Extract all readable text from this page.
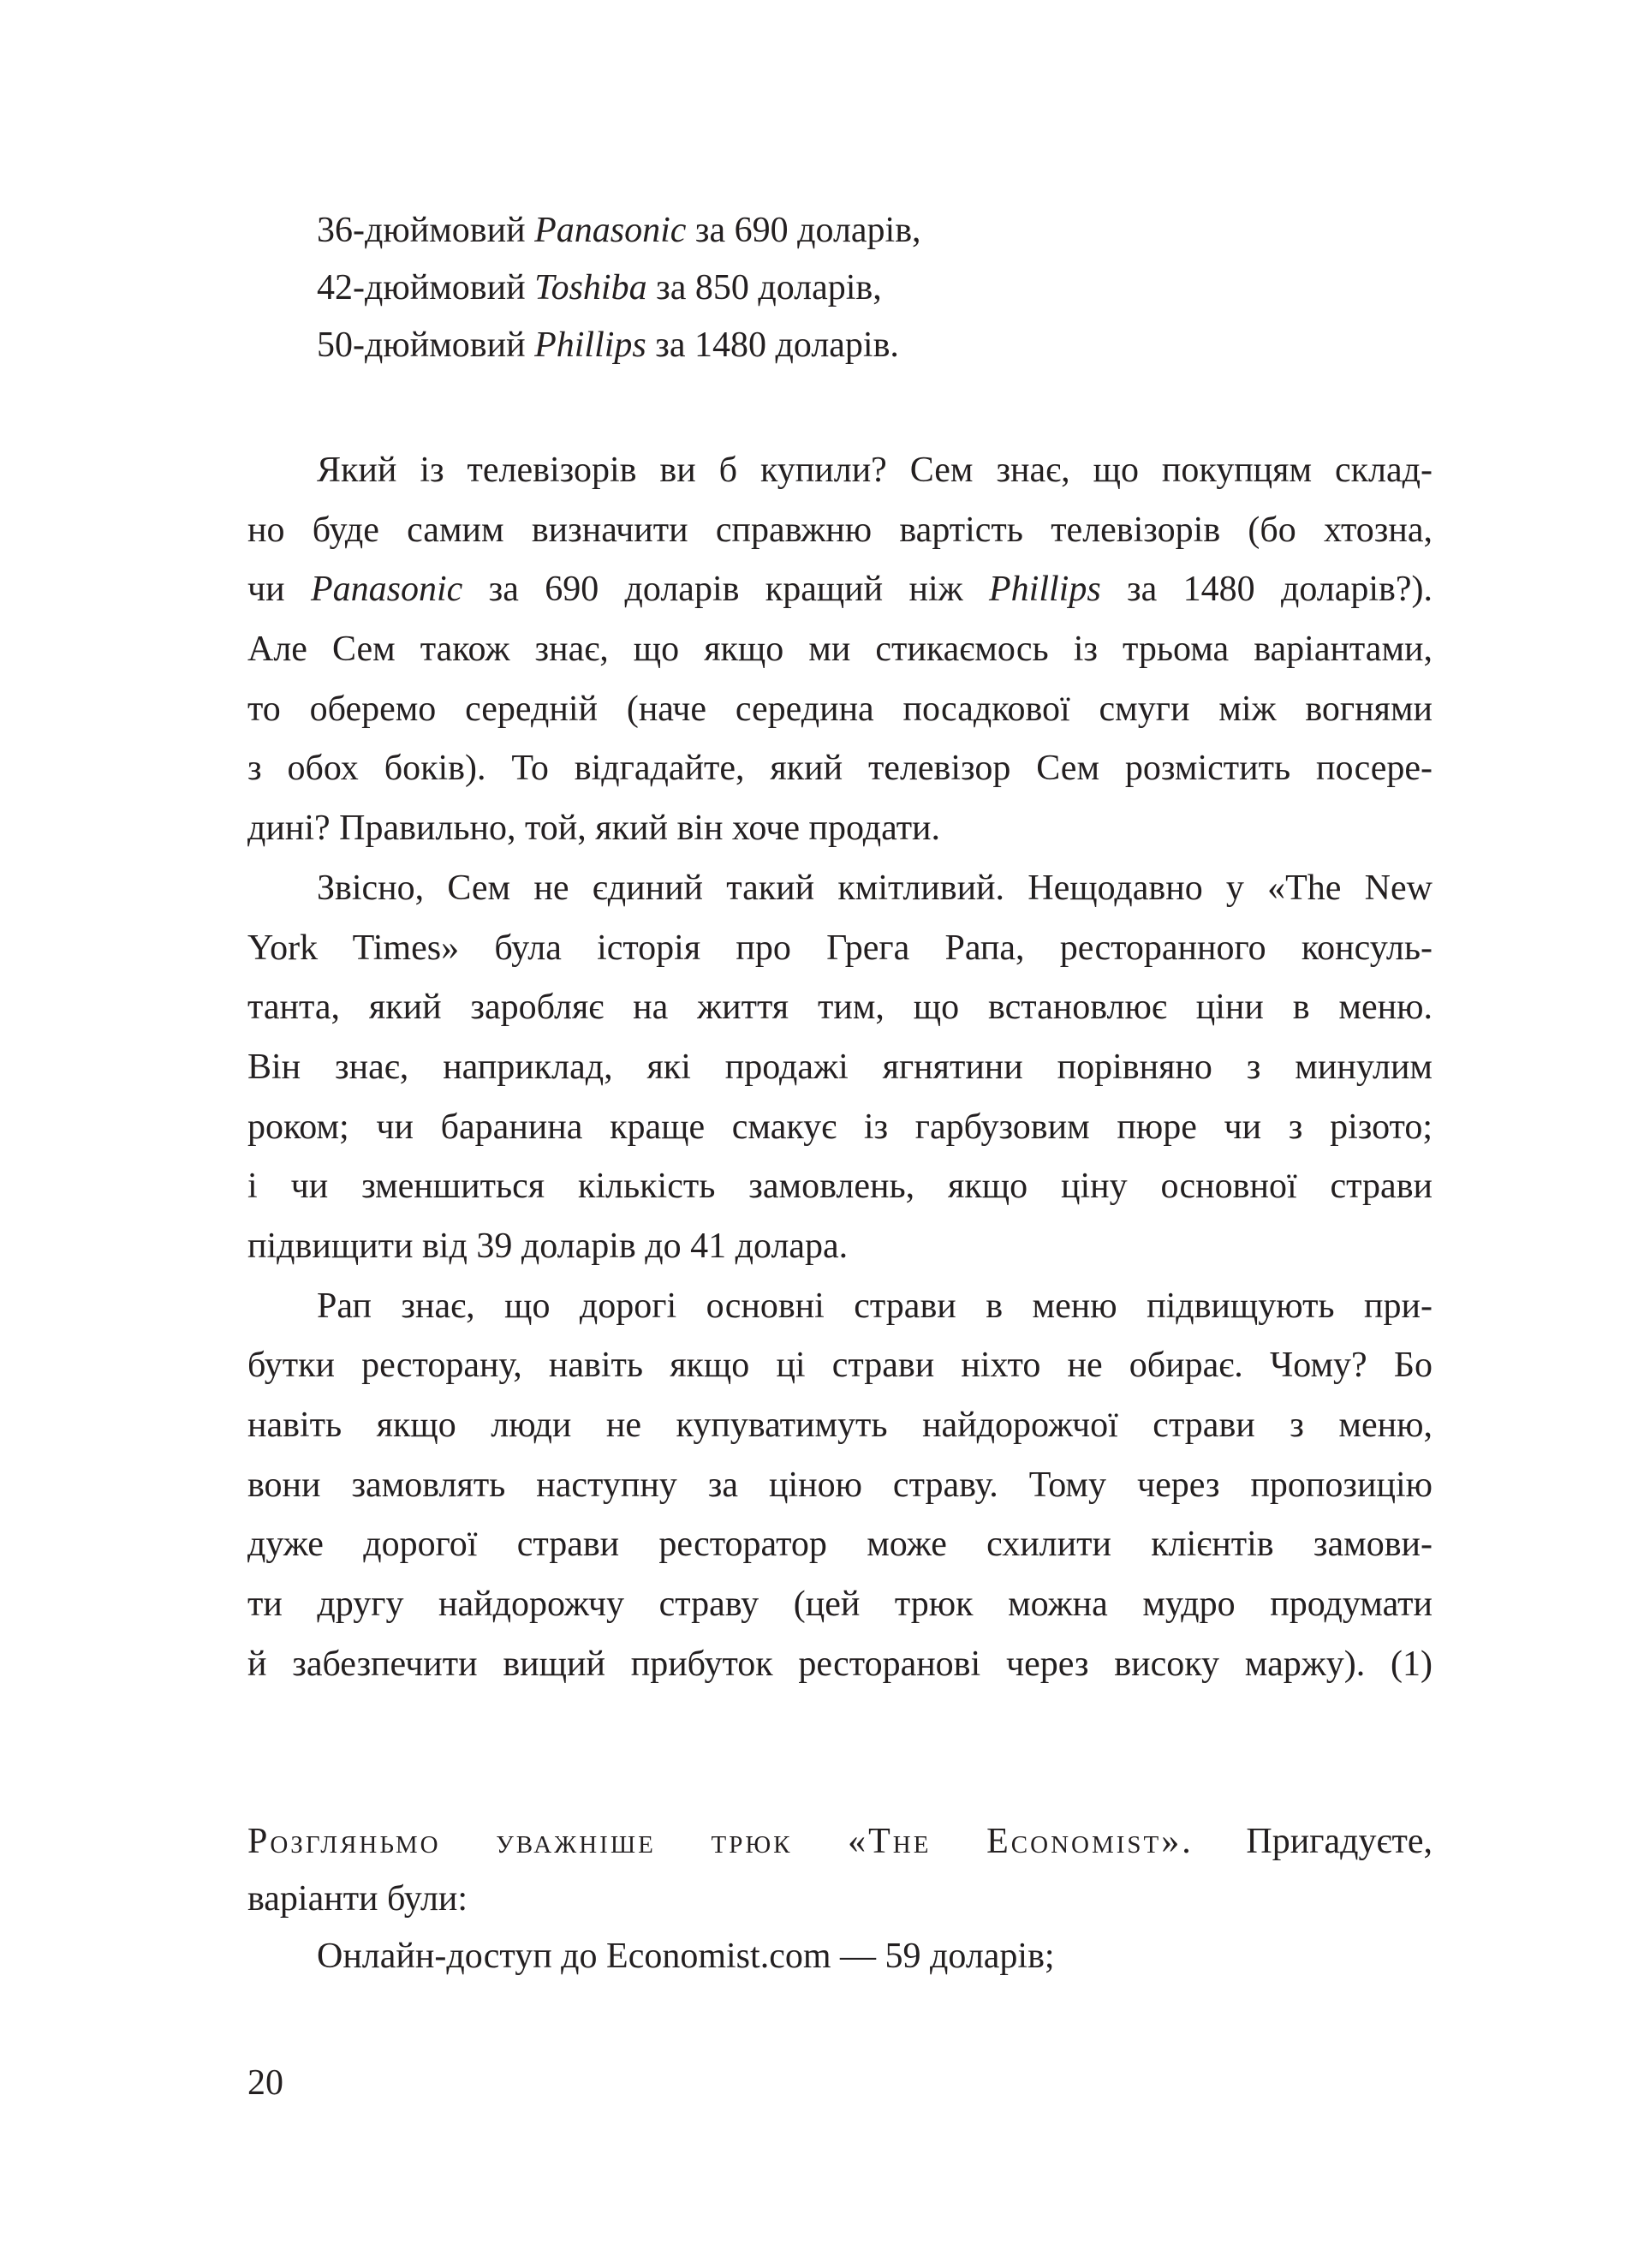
36-дюймовий Panasonic за 690 доларів,
42-дюймовий Toshiba за 850 доларів,
50-дюймовий Phillips за 1480 доларів.
Який із телевізорів ви б купили? Сем знає, що покупцям склад-
но буде самим визначити справжню вартість телевізорів (бо хтозна,
чи Panasonic за 690 доларів кращий ніж Phillips за 1480 доларів?).
Але Сем також знає, що якщо ми стикаємось із трьома варіантами,
то оберемо середній (наче середина посадкової смуги між вогнями
з обох боків). То відгадайте, який телевізор Сем розмістить посере-
дині? Правильно, той, який він хоче продати.
Звісно, Сем не єдиний такий кмітливий. Нещодавно у «The New
York Times» була історія про Грега Рапа, ресторанного консуль-
танта, який заробляє на життя тим, що встановлює ціни в меню.
Він знає, наприклад, які продажі ягнятини порівняно з минулим
роком; чи баранина краще смакує із гарбузовим пюре чи з різото;
і чи зменшиться кількість замовлень, якщо ціну основної страви
підвищити від 39 доларів до 41 долара.
Рап знає, що дорогі основні страви в меню підвищують при-
бутки ресторану, навіть якщо ці страви ніхто не обирає. Чому? Бо
навіть якщо люди не купуватимуть найдорожчої страви з меню,
вони замовлять наступну за ціною страву. Тому через пропозицію
дуже дорогої страви ресторатор може схилити клієнтів замови-
ти другу найдорожчу страву (цей трюк можна мудро продумати
й забезпечити вищий прибуток ресторанові через високу маржу). (1)
Розгляньмо уважніше трюк «The Economist». Пригадуєте,
варіанти були:
Онлайн-доступ до Economist.com — 59 доларів;
20
